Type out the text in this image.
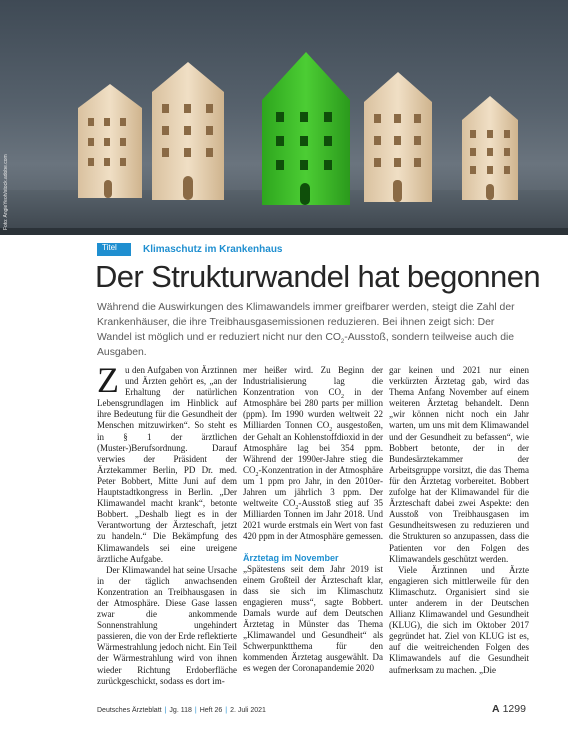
Foto: AngieYeoh/stock.adobe.com
Titel	Klimaschutz im Krankenhaus
Der Strukturwandel hat begonnen
Während die Auswirkungen des Klimawandels immer greifbarer werden, steigt die Zahl der Krankenhäuser, die ihre Treibhausgasemissionen reduzieren. Bei ihnen zeigt sich: Der Wandel ist möglich und er reduziert nicht nur den $CO_2$-Ausstoß, sondern teilweise auch die Ausgaben.

Zu den Aufgaben von Ärztinnen und Ärzten gehört es, „an der Erhaltung der natürlichen Lebensgrundlagen im Hinblick auf ihre Bedeutung für die Gesundheit der Menschen mitzuwirken“. So steht es in § 1 der ärztlichen (Muster-)Berufsordnung. Darauf verwies der Präsident der Ärztekammer Berlin, PD Dr. med. Peter Bobbert, Mitte Juni auf dem Hauptstadtkongress in Berlin. „Der Klimawandel macht krank“, betonte Bobbert. „Deshalb liegt es in der Verantwortung der Ärzteschaft, jetzt zu handeln.“ Die Bekämpfung des Klimawandels sei eine ureigene ärztliche Aufgabe.

Der Klimawandel hat seine Ursache in der täglich anwachsenden Konzentration an Treibhausgasen in der Atmosphäre. Diese Gase lassen zwar die ankommende Sonnenstrahlung ungehindert passieren, die von der Erde reflektierte Wärmestrahlung jedoch nicht. Ein Teil der Wärmestrahlung wird von ihnen wieder Richtung Erdoberfläche zurückgeschickt, sodass es dort im-

mer heißer wird. Zu Beginn der Industrialisierung lag die Konzentration von $CO_2$ in der Atmosphäre bei 280 parts per million (ppm). Im 1990 wurden weltweit 22 Milliarden Tonnen $CO_2$ ausgestoßen, der Gehalt an Kohlenstoffdioxid in der Atmosphäre lag bei 354 ppm. Während der 1990er-Jahre stieg die $CO_2$-Konzentration in der Atmosphäre um 1 ppm pro Jahr, in den 2010er-Jahren um jährlich 3 ppm. Der weltweite $CO_2$-Ausstoß stieg auf 35 Milliarden Tonnen im Jahr 2018. Und 2021 wurde erstmals ein Wert von fast 420 ppm in der Atmosphäre gemessen.

Ärztetag im November

„Spätestens seit dem Jahr 2019 ist einem Großteil der Ärzteschaft klar, dass sie sich im Klimaschutz engagieren muss“, sagte Bobbert. Damals wurde auf dem Deutschen Ärztetag in Münster das Thema „Klimawandel und Gesundheit“ als Schwerpunktthema für den kommenden Ärztetag ausgewählt. Da es wegen der Coronapandemie 2020

gar keinen und 2021 nur einen verkürzten Ärztetag gab, wird das Thema Anfang November auf einem weiteren Ärztetag behandelt. Denn „wir können nicht noch ein Jahr warten, um uns mit dem Klimawandel und der Gesundheit zu befassen“, wie Bobbert betonte, der in der Bundesärztekammer der Arbeitsgruppe vorsitzt, die das Thema für den Ärztetag vorbereitet. Bobbert zufolge hat der Klimawandel für die Ärzteschaft dabei zwei Aspekte: den Ausstoß von Treibhausgasen im Gesundheitswesen zu reduzieren und die Strukturen so anzupassen, dass die Patienten vor den Folgen des Klimawandels geschützt werden.

Viele Ärztinnen und Ärzte engagieren sich mittlerweile für den Klimaschutz. Organisiert sind sie unter anderem in der Deutschen Allianz Klimawandel und Gesundheit (KLUG), die sich im Oktober 2017 gegründet hat. Ziel von KLUG ist es, auf die weitreichenden Folgen des Klimawandels auf die Gesundheit aufmerksam zu machen. „Die

Deutsches Ärzteblatt | Jg. 118 | Heft 26 | 2. Juli 2021	A 1299
